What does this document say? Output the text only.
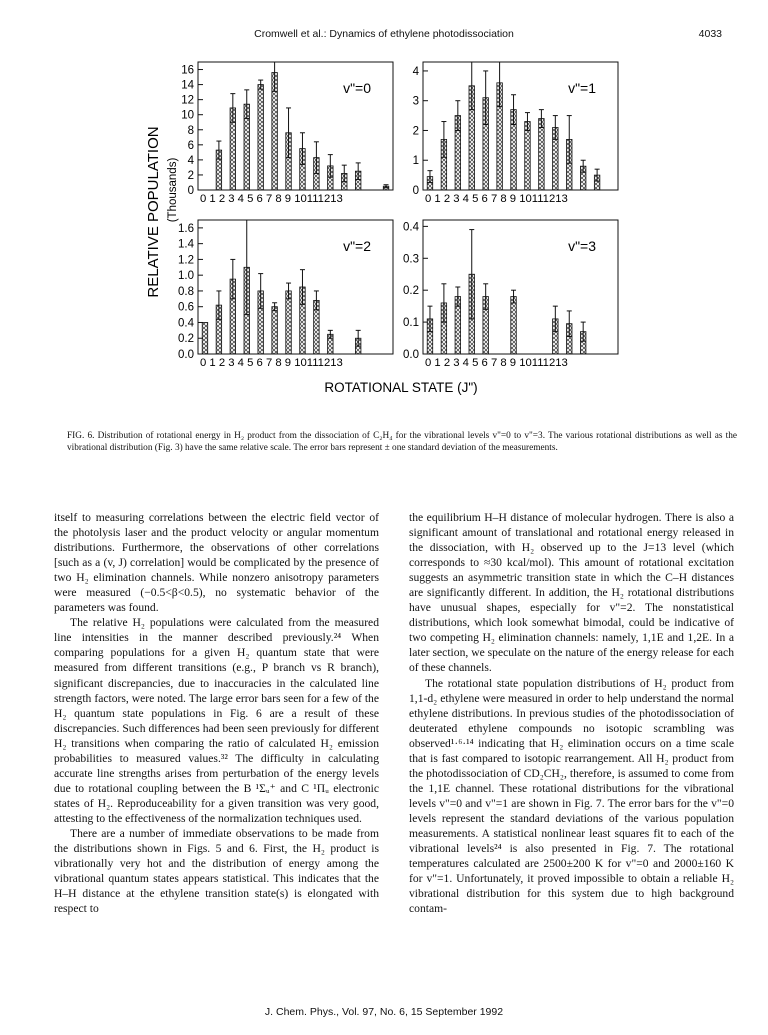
Cromwell et al.: Dynamics of ethylene photodissociation	4033
RELATIVE POPULATION (Thousands)
ROTATIONAL STATE (J")
0
2
4
6
8
10
12
14
16
0 1 2 3 4 5 6 7 8 9 10111213
v"=0
0
1
2
3
4
0 1 2 3 4 5 6 7 8 9 10111213
v"=1
0.0
0.2
0.4
0.6
0.8
1.0
1.2
1.4
1.6
0 1 2 3 4 5 6 7 8 9 10111213
v"=2
0.0
0.1
0.2
0.3
0.4
0 1 2 3 4 5 6 7 8 9 10111213
v"=3
FIG. 6. Distribution of rotational energy in H₂ product from the dissociation of C₂H₄ for the vibrational levels v"=0 to v"=3. The various rotational distributions as well as the vibrational distribution (Fig. 3) have the same relative scale. The error bars represent ± one standard deviation of the measurements.

itself to measuring correlations between the electric field vector of the photolysis laser and the product velocity or angular momentum distributions. Furthermore, the observations of other correlations [such as a (v, J) correlation] would be complicated by the presence of two H₂ elimination channels. While nonzero anisotropy parameters were measured (−0.5<β<0.5), no systematic behavior of the parameters was found.

The relative H₂ populations were calculated from the measured line intensities in the manner described previously.²⁴ When comparing populations for a given H₂ quantum state that were measured from different transitions (e.g., P branch vs R branch), significant discrepancies, due to inaccuracies in the calculated line strength factors, were noted. The large error bars seen for a few of the H₂ quantum state populations in Fig. 6 are a result of these discrepancies. Such differences had been seen previously for different H₂ transitions when comparing the ratio of calculated H₂ emission probabilities to measured values.³² The difficulty in calculating accurate line strengths arises from perturbation of the energy levels due to rotational coupling between the B ¹Σᵤ⁺ and C ¹Πᵤ electronic states of H₂. Reproduceability for a given transition was very good, attesting to the effectiveness of the normalization techniques used.

There are a number of immediate observations to be made from the distributions shown in Figs. 5 and 6. First, the H₂ product is vibrationally very hot and the distribution of energy among the vibrational quantum states appears statistical. This indicates that the H–H distance at the ethylene transition state(s) is elongated with respect to

the equilibrium H–H distance of molecular hydrogen. There is also a significant amount of translational and rotational energy released in the dissociation, with H₂ observed up to the J=13 level (which corresponds to ≈30 kcal/mol). This amount of rotational excitation suggests an asymmetric transition state in which the C–H distances are significantly different. In addition, the H₂ rotational distributions have unusual shapes, especially for v"=2. The nonstatistical distributions, which look somewhat bimodal, could be indicative of two competing H₂ elimination channels: namely, 1,1E and 1,2E. In a later section, we speculate on the nature of the energy release for each of these channels.

The rotational state population distributions of H₂ product from 1,1-d₂ ethylene were measured in order to help understand the normal ethylene distributions. In previous studies of the photodissociation of deuterated ethylene compounds no isotopic scrambling was observed¹·⁶·¹⁴ indicating that H₂ elimination occurs on a time scale that is fast compared to isotopic rearrangement. All H₂ product from the photodissociation of CD₂CH₂, therefore, is assumed to come from the 1,1E channel. These rotational distributions for the vibrational levels v"=0 and v"=1 are shown in Fig. 7. The error bars for the v"=0 levels represent the standard deviations of the various population measurements. A statistical nonlinear least squares fit to each of the vibrational levels²⁴ is also presented in Fig. 7. The rotational temperatures calculated are 2500±200 K for v"=0 and 2000±160 K for v"=1. Unfortunately, it proved impossible to obtain a reliable H₂ vibrational distribution for this system due to high background contam-

J. Chem. Phys., Vol. 97, No. 6, 15 September 1992
